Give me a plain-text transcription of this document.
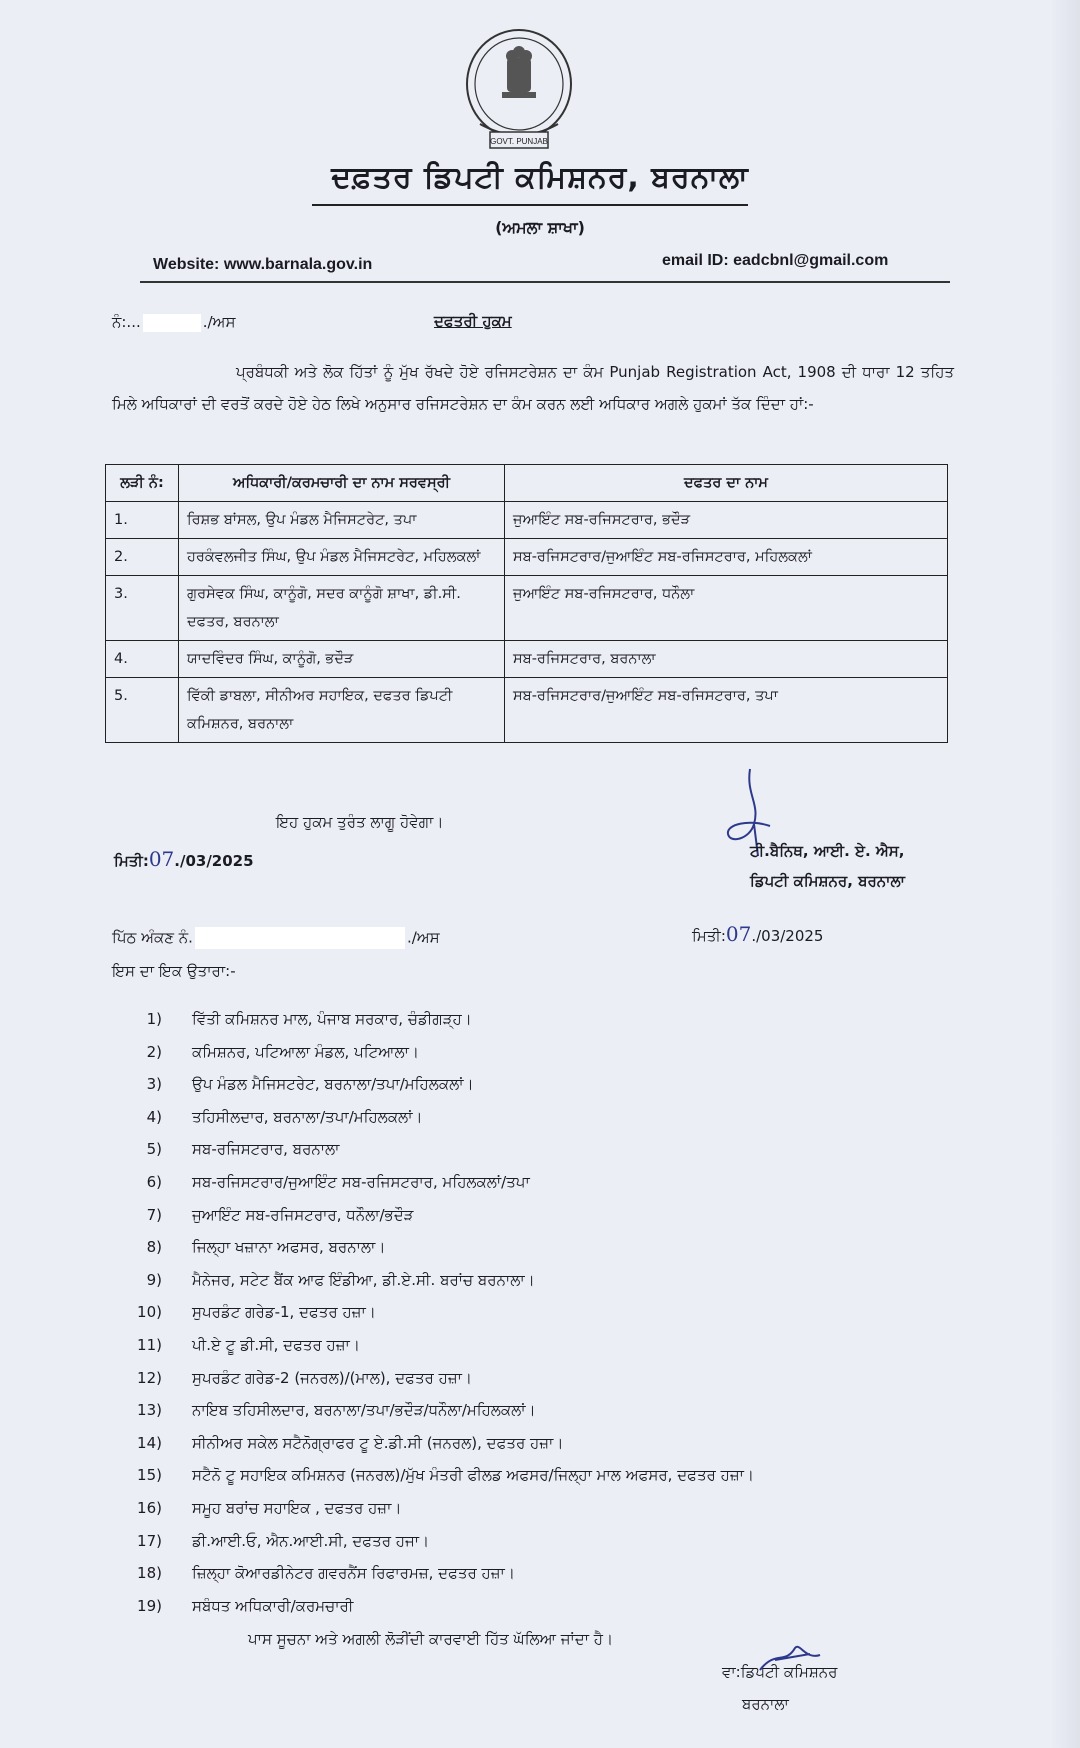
GOVT. PUNJAB
ਦਫ਼ਤਰ ਡਿਪਟੀ ਕਮਿਸ਼ਨਰ, ਬਰਨਾਲਾ
(ਅਮਲਾ ਸ਼ਾਖਾ)
Website: www.barnala.gov.in	email ID: eadcbnl@gmail.com
ਨੰ:...	./ਅਸ	ਦਫਤਰੀ ਹੁਕਮ
ਪ੍ਰਬੰਧਕੀ ਅਤੇ ਲੋਕ ਹਿੱਤਾਂ ਨੂੰ ਮੁੱਖ ਰੱਖਦੇ ਹੋਏ ਰਜਿਸਟਰੇਸ਼ਨ ਦਾ ਕੰਮ Punjab Registration Act, 1908 ਦੀ ਧਾਰਾ 12 ਤਹਿਤ ਮਿਲੇ ਅਧਿਕਾਰਾਂ ਦੀ ਵਰਤੋਂ ਕਰਦੇ ਹੋਏ ਹੇਠ ਲਿਖੇ ਅਨੁਸਾਰ ਰਜਿਸਟਰੇਸ਼ਨ ਦਾ ਕੰਮ ਕਰਨ ਲਈ ਅਧਿਕਾਰ ਅਗਲੇ ਹੁਕਮਾਂ ਤੱਕ ਦਿੰਦਾ ਹਾਂ:-
ਲੜੀ ਨੰ:	ਅਧਿਕਾਰੀ/ਕਰਮਚਾਰੀ ਦਾ ਨਾਮ ਸਰਵਸ੍ਰੀ	ਦਫਤਰ ਦਾ ਨਾਮ
1.	ਰਿਸ਼ਭ ਬਾਂਸਲ, ਉਪ ਮੰਡਲ ਮੈਜਿਸਟਰੇਟ, ਤਪਾ	ਜੁਆਇੰਟ ਸਬ-ਰਜਿਸਟਰਾਰ, ਭਦੌੜ
2.	ਹਰਕੰਵਲਜੀਤ ਸਿੰਘ, ਉਪ ਮੰਡਲ ਮੈਜਿਸਟਰੇਟ, ਮਹਿਲਕਲਾਂ	ਸਬ-ਰਜਿਸਟਰਾਰ/ਜੁਆਇੰਟ ਸਬ-ਰਜਿਸਟਰਾਰ, ਮਹਿਲਕਲਾਂ
3.	ਗੁਰਸੇਵਕ ਸਿੰਘ, ਕਾਨੂੰਗੋ, ਸਦਰ ਕਾਨੂੰਗੋ ਸ਼ਾਖਾ, ਡੀ.ਸੀ. ਦਫਤਰ, ਬਰਨਾਲਾ	ਜੁਆਇੰਟ ਸਬ-ਰਜਿਸਟਰਾਰ, ਧਨੌਲਾ
4.	ਯਾਦਵਿੰਦਰ ਸਿੰਘ, ਕਾਨੂੰਗੋ, ਭਦੌੜ	ਸਬ-ਰਜਿਸਟਰਾਰ, ਬਰਨਾਲਾ
5.	ਵਿੱਕੀ ਡਾਬਲਾ, ਸੀਨੀਅਰ ਸਹਾਇਕ, ਦਫਤਰ ਡਿਪਟੀ ਕਮਿਸ਼ਨਰ, ਬਰਨਾਲਾ	ਸਬ-ਰਜਿਸਟਰਾਰ/ਜੁਆਇੰਟ ਸਬ-ਰਜਿਸਟਰਾਰ, ਤਪਾ
ਇਹ ਹੁਕਮ ਤੁਰੰਤ ਲਾਗੂ ਹੋਵੇਗਾ।
ਮਿਤੀ:07./03/2025
ਟੀ.ਬੈਨਿਥ, ਆਈ. ਏ. ਐਸ,
ਡਿਪਟੀ ਕਮਿਸ਼ਨਰ, ਬਰਨਾਲਾ
ਪਿੱਠ ਅੰਕਣ ਨੰ.	./ਅਸ	ਮਿਤੀ:07./03/2025
ਇਸ ਦਾ ਇਕ ਉਤਾਰਾ:-
1) ਵਿੱਤੀ ਕਮਿਸ਼ਨਰ ਮਾਲ, ਪੰਜਾਬ ਸਰਕਾਰ, ਚੰਡੀਗੜ੍ਹ।
2) ਕਮਿਸ਼ਨਰ, ਪਟਿਆਲਾ ਮੰਡਲ, ਪਟਿਆਲਾ।
3) ਉਪ ਮੰਡਲ ਮੈਜਿਸਟਰੇਟ, ਬਰਨਾਲਾ/ਤਪਾ/ਮਹਿਲਕਲਾਂ।
4) ਤਹਿਸੀਲਦਾਰ, ਬਰਨਾਲਾ/ਤਪਾ/ਮਹਿਲਕਲਾਂ।
5) ਸਬ-ਰਜਿਸਟਰਾਰ, ਬਰਨਾਲਾ
6) ਸਬ-ਰਜਿਸਟਰਾਰ/ਜੁਆਇੰਟ ਸਬ-ਰਜਿਸਟਰਾਰ, ਮਹਿਲਕਲਾਂ/ਤਪਾ
7) ਜੁਆਇੰਟ ਸਬ-ਰਜਿਸਟਰਾਰ, ਧਨੌਲਾ/ਭਦੌੜ
8) ਜਿਲ੍ਹਾ ਖਜ਼ਾਨਾ ਅਫਸਰ, ਬਰਨਾਲਾ।
9) ਮੈਨੇਜਰ, ਸਟੇਟ ਬੈਂਕ ਆਫ ਇੰਡੀਆ, ਡੀ.ਏ.ਸੀ. ਬਰਾਂਚ ਬਰਨਾਲਾ।
10) ਸੁਪਰਡੰਟ ਗਰੇਡ-1, ਦਫਤਰ ਹਜ਼ਾ।
11) ਪੀ.ਏ ਟੂ ਡੀ.ਸੀ, ਦਫਤਰ ਹਜ਼ਾ।
12) ਸੁਪਰਡੰਟ ਗਰੇਡ-2 (ਜਨਰਲ)/(ਮਾਲ), ਦਫਤਰ ਹਜ਼ਾ।
13) ਨਾਇਬ ਤਹਿਸੀਲਦਾਰ, ਬਰਨਾਲਾ/ਤਪਾ/ਭਦੌੜ/ਧਨੌਲਾ/ਮਹਿਲਕਲਾਂ।
14) ਸੀਨੀਅਰ ਸਕੇਲ ਸਟੈਨੋਗ੍ਰਾਫਰ ਟੂ ਏ.ਡੀ.ਸੀ (ਜਨਰਲ), ਦਫਤਰ ਹਜ਼ਾ।
15) ਸਟੈਨੋ ਟੂ ਸਹਾਇਕ ਕਮਿਸ਼ਨਰ (ਜਨਰਲ)/ਮੁੱਖ ਮੰਤਰੀ ਫੀਲਡ ਅਫਸਰ/ਜਿਲ੍ਹਾ ਮਾਲ ਅਫਸਰ, ਦਫਤਰ ਹਜ਼ਾ।
16) ਸਮੂਹ ਬਰਾਂਚ ਸਹਾਇਕ , ਦਫਤਰ ਹਜ਼ਾ।
17) ਡੀ.ਆਈ.ਓ, ਐਨ.ਆਈ.ਸੀ, ਦਫਤਰ ਹਜਾ।
18) ਜ਼ਿਲ੍ਹਾ ਕੋਆਰਡੀਨੇਟਰ ਗਵਰਨੈਂਸ ਰਿਫਾਰਮਜ਼, ਦਫਤਰ ਹਜ਼ਾ।
19) ਸਬੰਧਤ ਅਧਿਕਾਰੀ/ਕਰਮਚਾਰੀ
ਪਾਸ ਸੂਚਨਾ ਅਤੇ ਅਗਲੀ ਲੋੜੀਂਦੀ ਕਾਰਵਾਈ ਹਿੱਤ ਘੱਲਿਆ ਜਾਂਦਾ ਹੈ।
ਵਾ:ਡਿਪਟੀ ਕਮਿਸ਼ਨਰ
ਬਰਨਾਲਾ
